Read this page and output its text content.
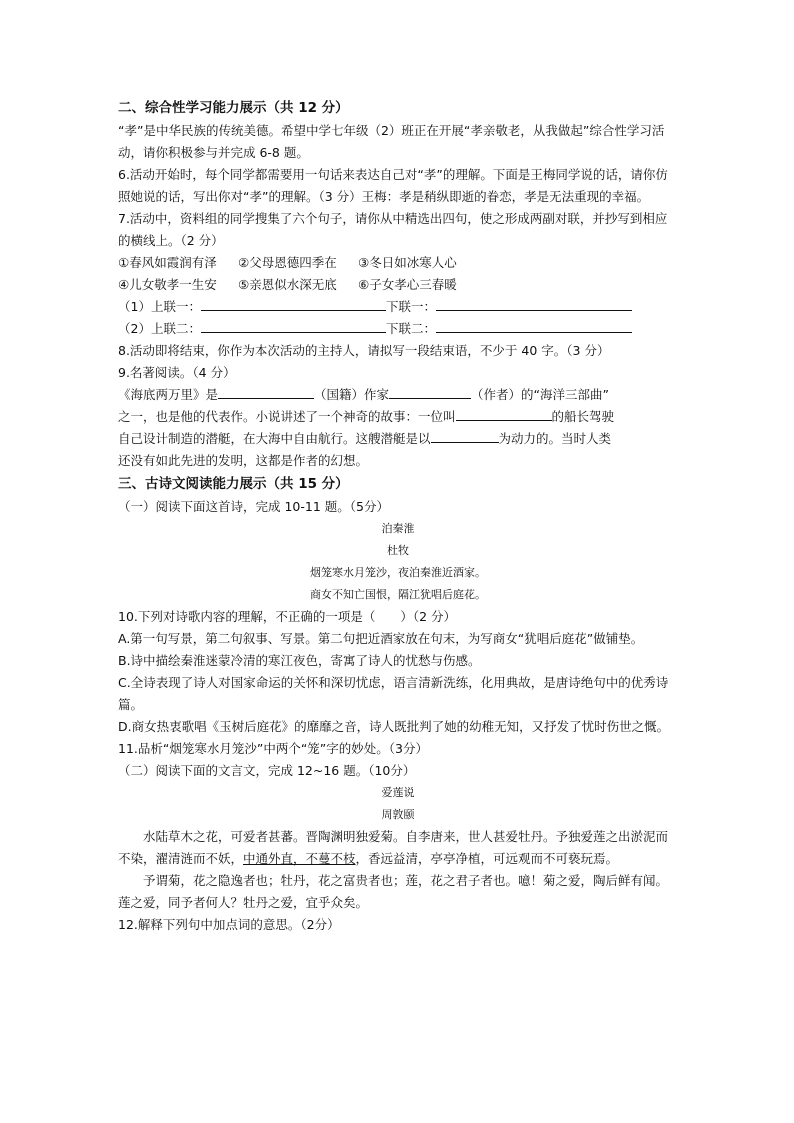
二、综合性学习能力展示（共 12 分）

“孝”是中华民族的传统美德。希望中学七年级（2）班正在开展“孝亲敬老，从我做起”综合性学习活动，请你积极参与并完成 6-8 题。

6.活动开始时，每个同学都需要用一句话来表达自己对“孝”的理解。下面是王梅同学说的话，请你仿照她说的话，写出你对“孝”的理解。（3 分）王梅：孝是稍纵即逝的眷恋，孝是无法重现的幸福。

7.活动中，资料组的同学搜集了六个句子，请你从中精选出四句，使之形成两副对联，并抄写到相应的横线上。（2 分）

①春风如霞润有泽	②父母恩德四季在	③冬日如冰寒人心
④儿女敬孝一生安	⑤亲恩似水深无底	⑥子女孝心三春暖

（1）上联一：	下联一：

（2）上联二：	下联二：

8.活动即将结束，你作为本次活动的主持人，请拟写一段结束语，不少于 40 字。（3 分）

9.名著阅读。（4 分）

《海底两万里》是	（国籍）作家	（作者）的“海洋三部曲”

之一，也是他的代表作。小说讲述了一个神奇的故事：一位叫	的船长驾驶

自己设计制造的潜艇，在大海中自由航行。这艘潜艇是以	为动力的。当时人类

还没有如此先进的发明，这都是作者的幻想。

三、古诗文阅读能力展示（共 15 分）

（一）阅读下面这首诗，完成 10-11 题。（5分）

泊秦淮

杜牧

烟笼寒水月笼沙，夜泊秦淮近酒家。

商女不知亡国恨，隔江犹唱后庭花。

10.下列对诗歌内容的理解，不正确的一项是（　　）（2 分）

A.第一句写景，第二句叙事、写景。第二句把近酒家放在句末，为写商女“犹唱后庭花”做铺垫。

B.诗中描绘秦淮迷蒙冷清的寒江夜色，寄寓了诗人的忧愁与伤感。

C.全诗表现了诗人对国家命运的关怀和深切忧虑，语言清新洗练，化用典故，是唐诗绝句中的优秀诗篇。

D.商女热衷歌唱《玉树后庭花》的靡靡之音，诗人既批判了她的幼稚无知，又抒发了忧时伤世之慨。

11.品析“烟笼寒水月笼沙”中两个“笼”字的妙处。（3分）

（二）阅读下面的文言文，完成 12~16 题。（10分）

爱莲说

周敦颐

水陆草木之花，可爱者甚蕃。晋陶渊明独爱菊。自李唐来，世人甚爱牡丹。予独爱莲之出淤泥而不染，濯清涟而不妖，中通外直，不蔓不枝，香远益清，亭亭净植，可远观而不可亵玩焉。

予谓菊，花之隐逸者也；牡丹，花之富贵者也；莲，花之君子者也。噫！菊之爱，陶后鲜有闻。莲之爱，同予者何人？牡丹之爱，宜乎众矣。

12.解释下列句中加点词的意思。（2分）
